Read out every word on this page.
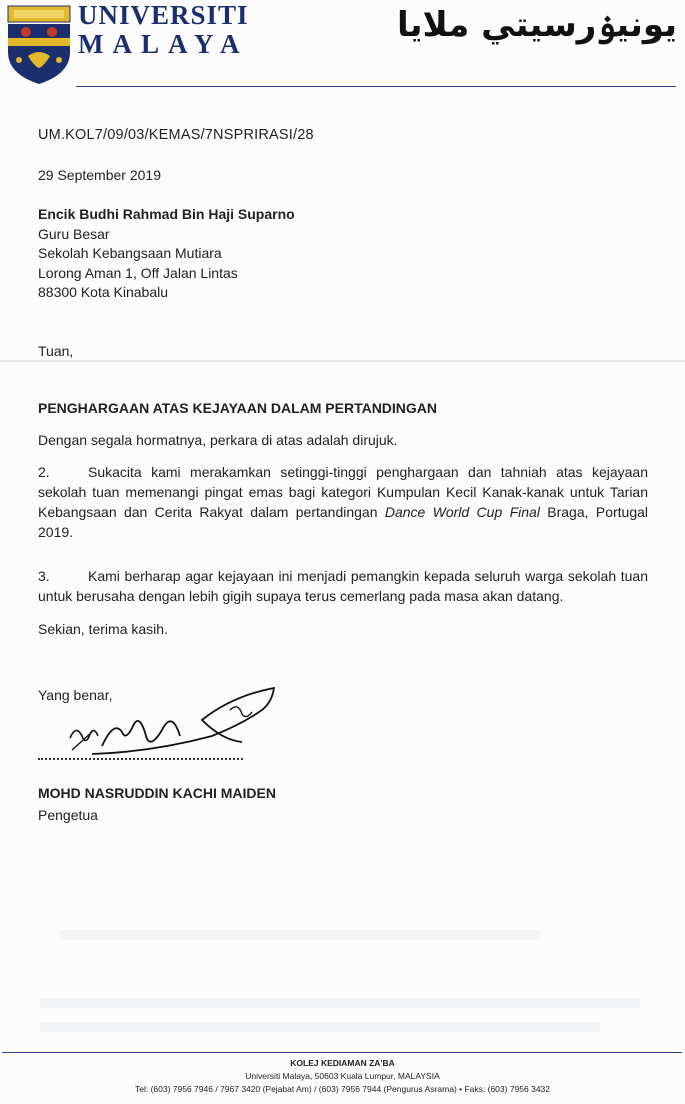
UNIVERSITI
MALAYA	يونيۏرسيتي ملايا
UM.KOL7/09/03/KEMAS/7NSPRIRASI/28
29 September 2019
Encik Budhi Rahmad Bin Haji Suparno
Guru Besar
Sekolah Kebangsaan Mutiara
Lorong Aman 1, Off Jalan Lintas
88300 Kota Kinabalu
Tuan,
PENGHARGAAN ATAS KEJAYAAN DALAM PERTANDINGAN
Dengan segala hormatnya, perkara di atas adalah dirujuk.
2.	Sukacita kami merakamkan setinggi-tinggi penghargaan dan tahniah atas kejayaan sekolah tuan memenangi pingat emas bagi kategori Kumpulan Kecil Kanak-kanak untuk Tarian Kebangsaan dan Cerita Rakyat dalam pertandingan Dance World Cup Final Braga, Portugal 2019.
3.	Kami berharap agar kejayaan ini menjadi pemangkin kepada seluruh warga sekolah tuan untuk berusaha dengan lebih gigih supaya terus cemerlang pada masa akan datang.
Sekian, terima kasih.
Yang benar,
MOHD NASRUDDIN KACHI MAIDEN
Pengetua
KOLEJ KEDIAMAN ZA'BA
Universiti Malaya, 50603 Kuala Lumpur, MALAYSIA
Tel: (603) 7956 7946 / 7967 3420 (Pejabat Am) / (603) 7956 7944 (Pengurus Asrama) • Faks: (603) 7956 3432
